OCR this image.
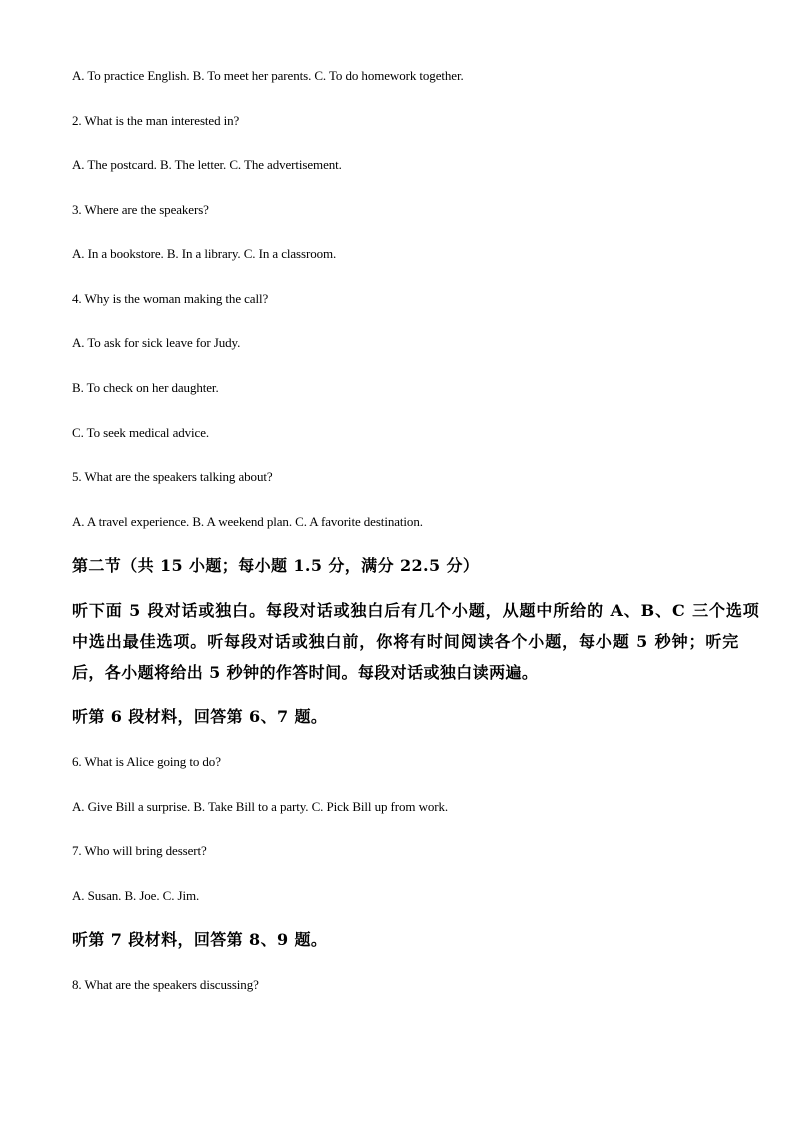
A. To practice English. B. To meet her parents. C. To do homework together.
2. What is the man interested in?
A. The postcard. B. The letter. C. The advertisement.
3. Where are the speakers?
A. In a bookstore. B. In a library. C. In a classroom.
4. Why is the woman making the call?
A. To ask for sick leave for Judy.
B. To check on her daughter.
C. To seek medical advice.
5. What are the speakers talking about?
A. A travel experience. B. A weekend plan. C. A favorite destination.
第二节（共 15 小题；每小题 1.5 分，满分 22.5 分）
听下面 5 段对话或独白。每段对话或独白后有几个小题，从题中所给的 A、B、C 三个选项
中选出最佳选项。听每段对话或独白前，你将有时间阅读各个小题，每小题 5 秒钟；听完
后，各小题将给出 5 秒钟的作答时间。每段对话或独白读两遍。
听第 6 段材料，回答第 6、7 题。
6. What is Alice going to do?
A. Give Bill a surprise. B. Take Bill to a party. C. Pick Bill up from work.
7. Who will bring dessert?
A. Susan. B. Joe. C. Jim.
听第 7 段材料，回答第 8、9 题。
8. What are the speakers discussing?
